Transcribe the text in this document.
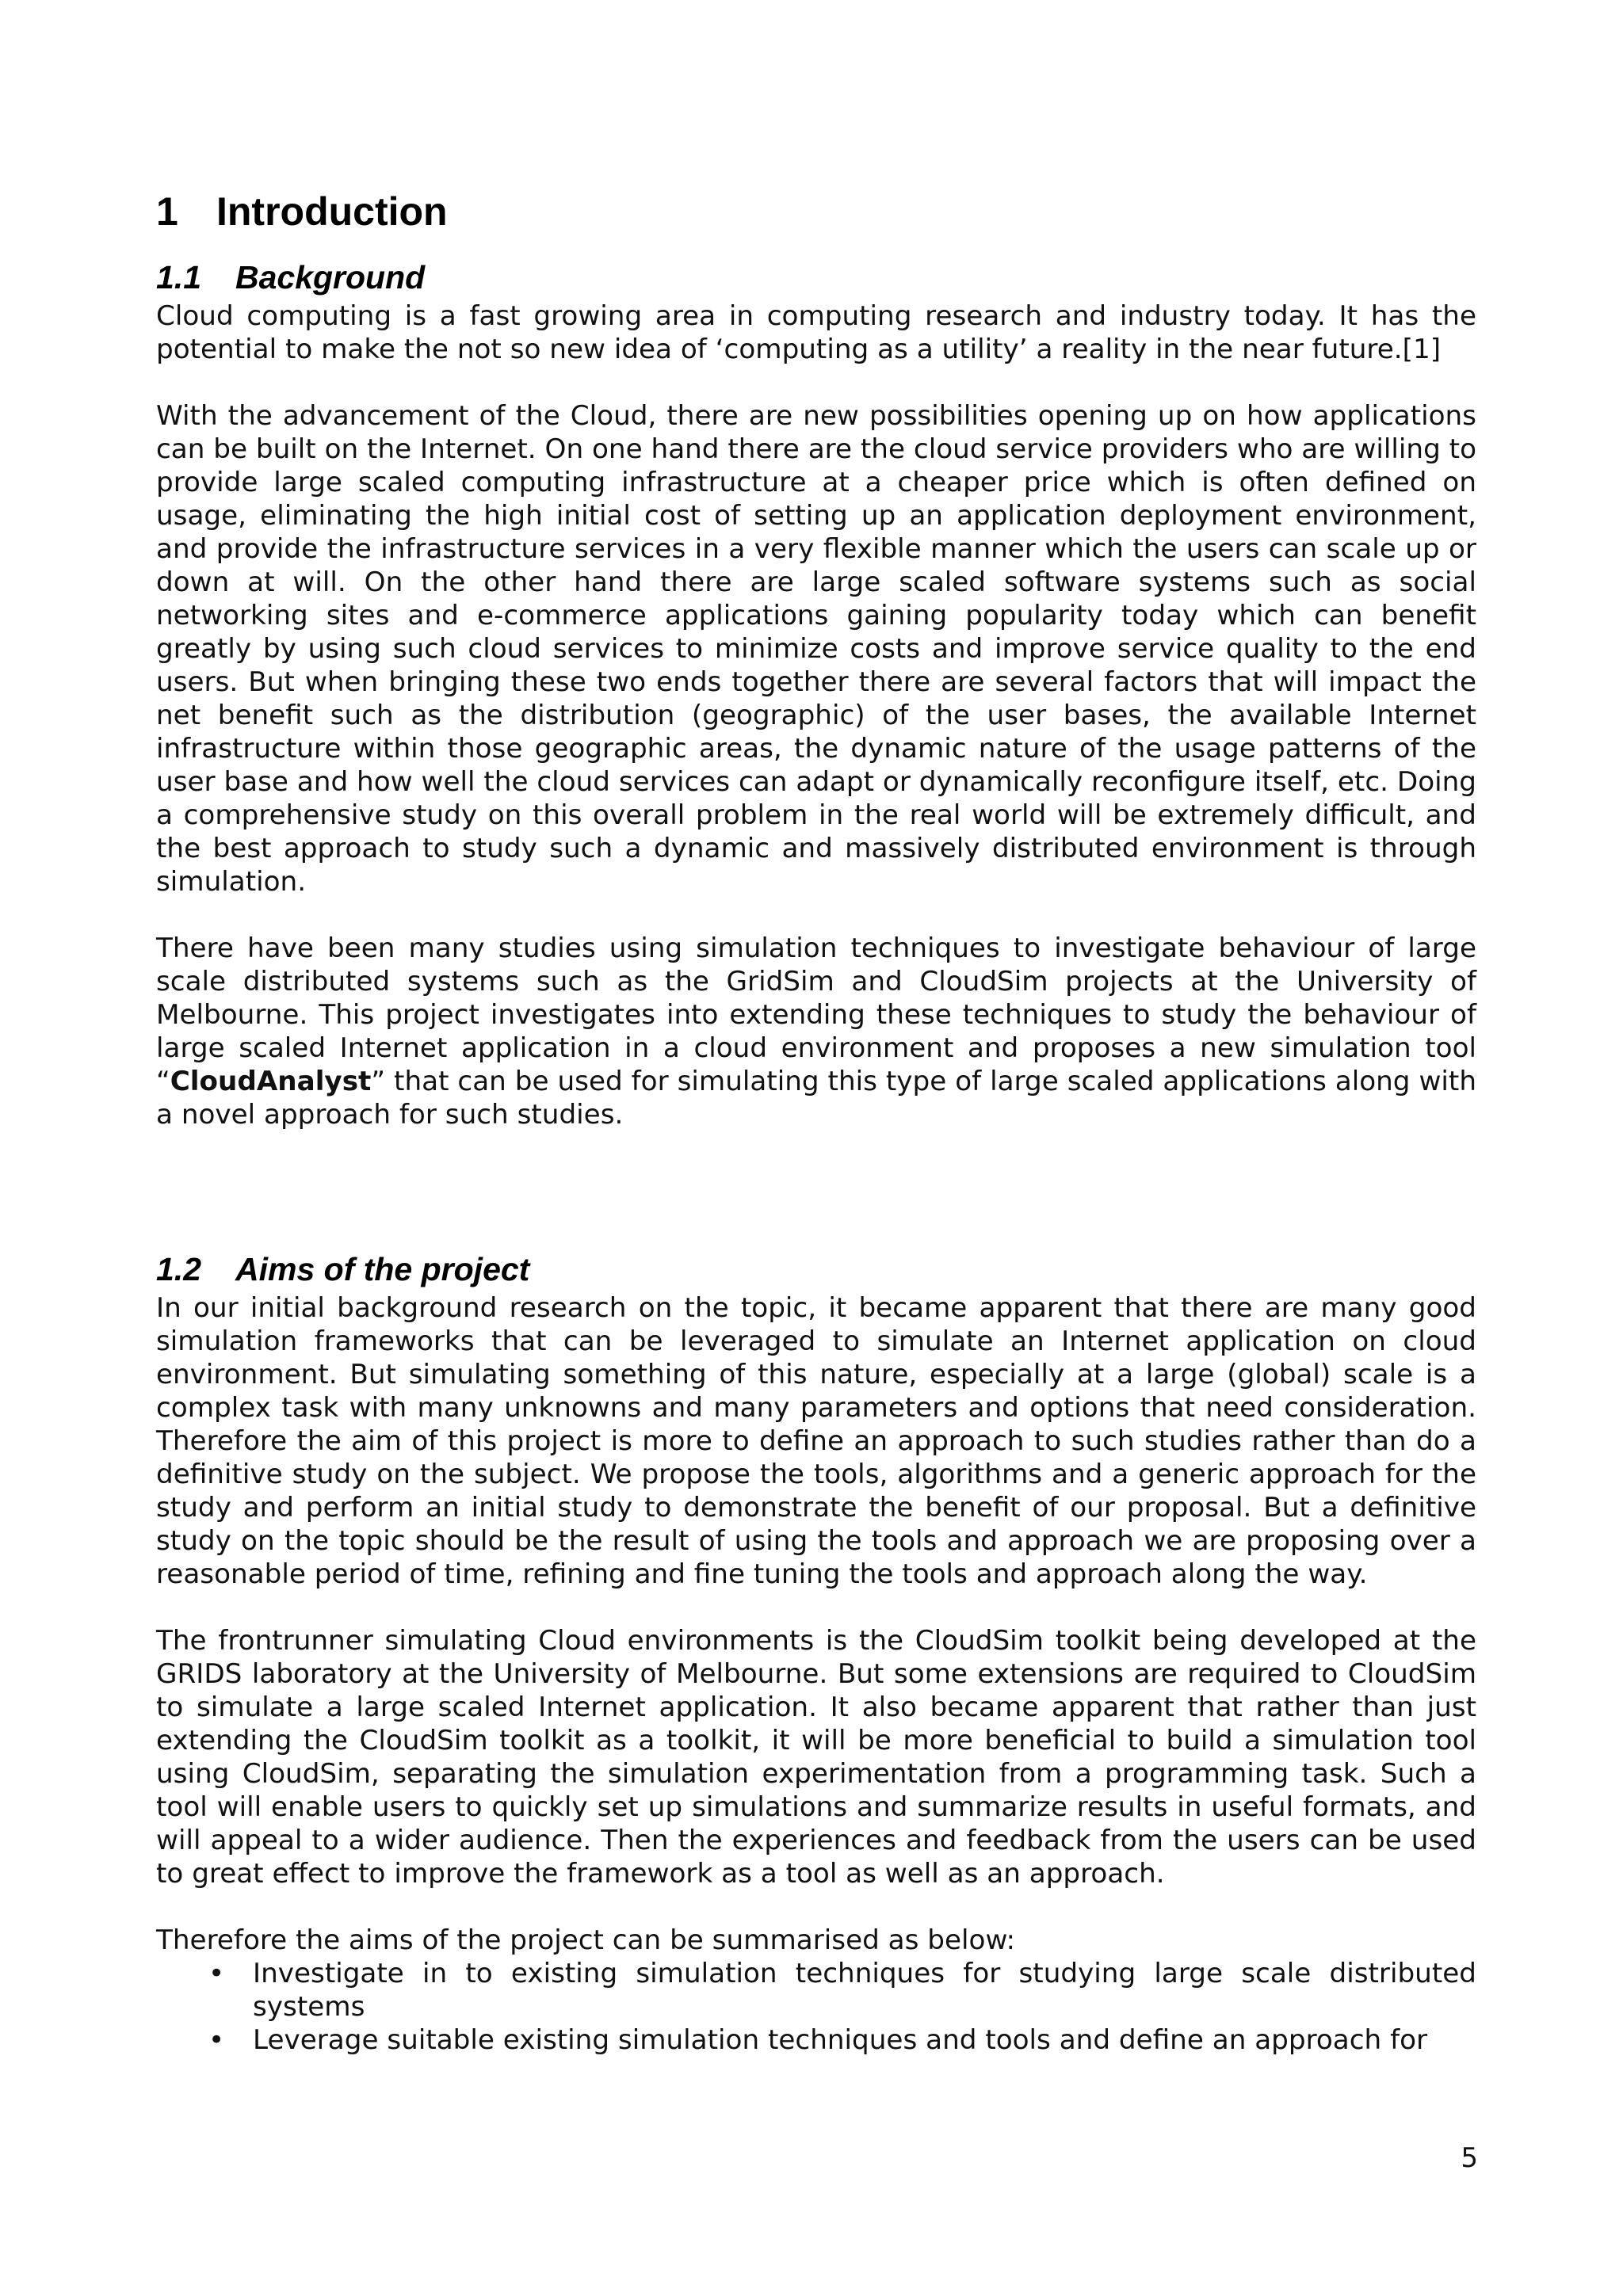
1 Introduction
1.1 Background

Cloud computing is a fast growing area in computing research and industry today. It has the potential to make the not so new idea of ‘computing as a utility’ a reality in the near future.[1]

With the advancement of the Cloud, there are new possibilities opening up on how applications can be built on the Internet. On one hand there are the cloud service providers who are willing to provide large scaled computing infrastructure at a cheaper price which is often defined on usage, eliminating the high initial cost of setting up an application deployment environment, and provide the infrastructure services in a very flexible manner which the users can scale up or down at will. On the other hand there are large scaled software systems such as social networking sites and e-commerce applications gaining popularity today which can benefit greatly by using such cloud services to minimize costs and improve service quality to the end users. But when bringing these two ends together there are several factors that will impact the net benefit such as the distribution (geographic) of the user bases, the available Internet infrastructure within those geographic areas, the dynamic nature of the usage patterns of the user base and how well the cloud services can adapt or dynamically reconfigure itself, etc. Doing a comprehensive study on this overall problem in the real world will be extremely difficult, and the best approach to study such a dynamic and massively distributed environment is through simulation.

There have been many studies using simulation techniques to investigate behaviour of large scale distributed systems such as the GridSim and CloudSim projects at the University of Melbourne. This project investigates into extending these techniques to study the behaviour of large scaled Internet application in a cloud environment and proposes a new simulation tool “CloudAnalyst” that can be used for simulating this type of large scaled applications along with a novel approach for such studies.

1.2 Aims of the project

In our initial background research on the topic, it became apparent that there are many good simulation frameworks that can be leveraged to simulate an Internet application on cloud environment. But simulating something of this nature, especially at a large (global) scale is a complex task with many unknowns and many parameters and options that need consideration. Therefore the aim of this project is more to define an approach to such studies rather than do a definitive study on the subject. We propose the tools, algorithms and a generic approach for the study and perform an initial study to demonstrate the benefit of our proposal. But a definitive study on the topic should be the result of using the tools and approach we are proposing over a reasonable period of time, refining and fine tuning the tools and approach along the way.

The frontrunner simulating Cloud environments is the CloudSim toolkit being developed at the GRIDS laboratory at the University of Melbourne. But some extensions are required to CloudSim to simulate a large scaled Internet application. It also became apparent that rather than just extending the CloudSim toolkit as a toolkit, it will be more beneficial to build a simulation tool using CloudSim, separating the simulation experimentation from a programming task. Such a tool will enable users to quickly set up simulations and summarize results in useful formats, and will appeal to a wider audience. Then the experiences and feedback from the users can be used to great effect to improve the framework as a tool as well as an approach.

Therefore the aims of the project can be summarised as below:

• Investigate in to existing simulation techniques for studying large scale distributed systems
• Leverage suitable existing simulation techniques and tools and define an approach for
5
